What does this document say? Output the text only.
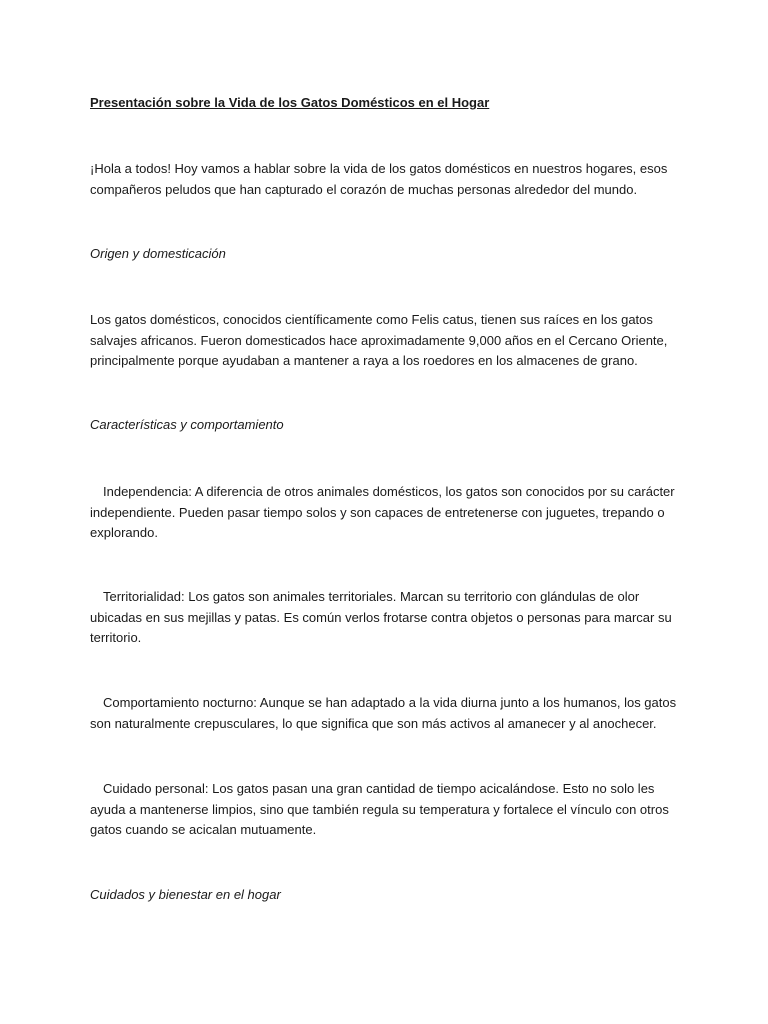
Presentación sobre la Vida de los Gatos Domésticos en el Hogar

¡Hola a todos! Hoy vamos a hablar sobre la vida de los gatos domésticos en nuestros hogares, esos compañeros peludos que han capturado el corazón de muchas personas alrededor del mundo.

Origen y domesticación

Los gatos domésticos, conocidos científicamente como Felis catus, tienen sus raíces en los gatos salvajes africanos. Fueron domesticados hace aproximadamente 9,000 años en el Cercano Oriente, principalmente porque ayudaban a mantener a raya a los roedores en los almacenes de grano.

Características y comportamiento

Independencia: A diferencia de otros animales domésticos, los gatos son conocidos por su carácter independiente. Pueden pasar tiempo solos y son capaces de entretenerse con juguetes, trepando o explorando.

Territorialidad: Los gatos son animales territoriales. Marcan su territorio con glándulas de olor ubicadas en sus mejillas y patas. Es común verlos frotarse contra objetos o personas para marcar su territorio.

Comportamiento nocturno: Aunque se han adaptado a la vida diurna junto a los humanos, los gatos son naturalmente crepusculares, lo que significa que son más activos al amanecer y al anochecer.

Cuidado personal: Los gatos pasan una gran cantidad de tiempo acicalándose. Esto no solo les ayuda a mantenerse limpios, sino que también regula su temperatura y fortalece el vínculo con otros gatos cuando se acicalan mutuamente.

Cuidados y bienestar en el hogar
